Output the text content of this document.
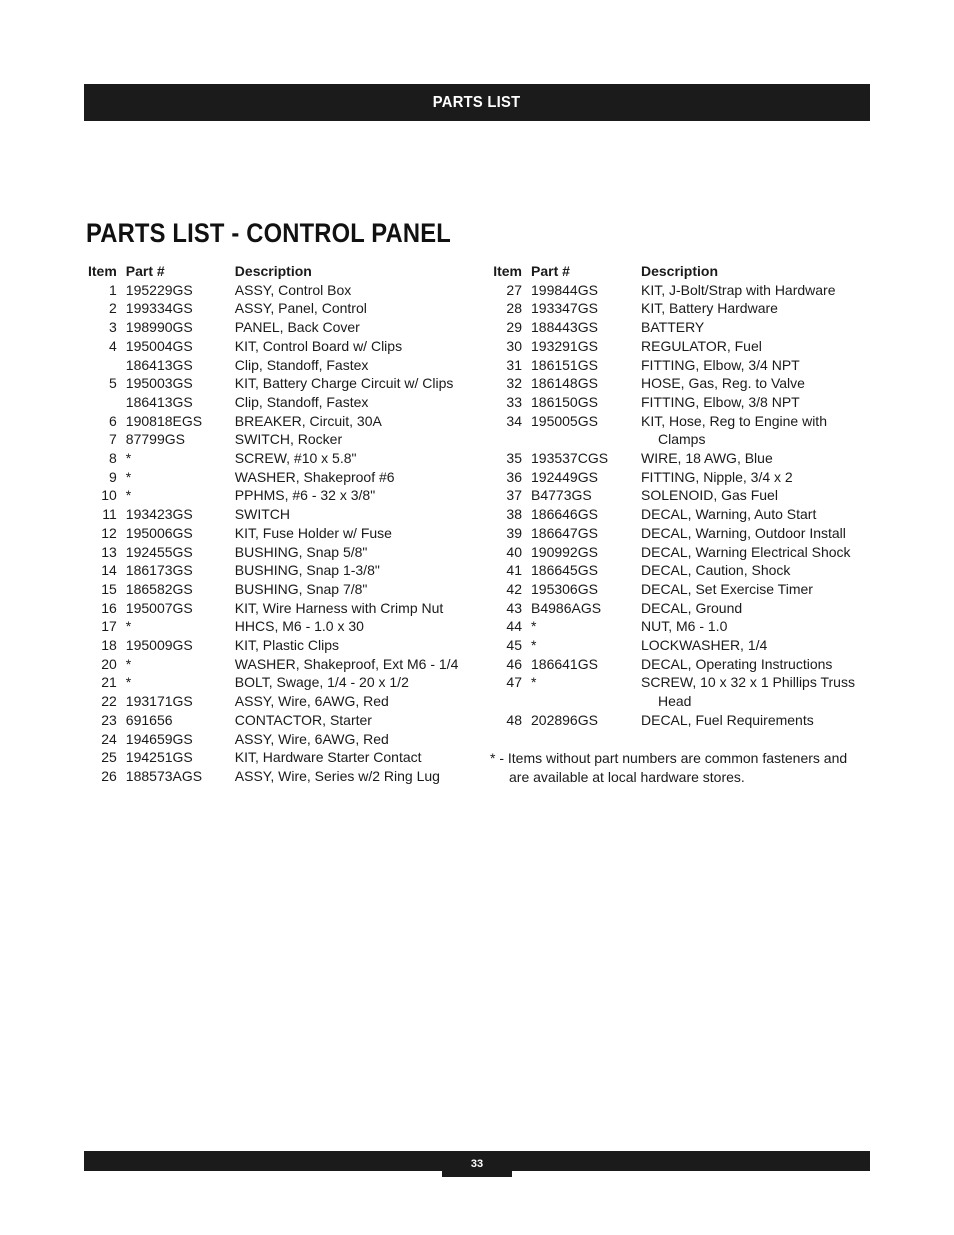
PARTS LIST
PARTS LIST - CONTROL PANEL
Item	Part #	Description
1	195229GS	ASSY, Control Box
2	199334GS	ASSY, Panel, Control
3	198990GS	PANEL, Back Cover
4	195004GS	KIT, Control Board w/ Clips
	186413GS	Clip, Standoff, Fastex
5	195003GS	KIT, Battery Charge Circuit w/ Clips
	186413GS	Clip, Standoff, Fastex
6	190818EGS	BREAKER, Circuit, 30A
7	87799GS	SWITCH, Rocker
8	*	SCREW, #10 x 5.8"
9	*	WASHER, Shakeproof #6
10	*	PPHMS, #6 - 32 x 3/8"
11	193423GS	SWITCH
12	195006GS	KIT, Fuse Holder w/ Fuse
13	192455GS	BUSHING, Snap 5/8"
14	186173GS	BUSHING, Snap 1-3/8"
15	186582GS	BUSHING, Snap 7/8"
16	195007GS	KIT, Wire Harness with Crimp Nut
17	*	HHCS, M6 - 1.0 x 30
18	195009GS	KIT, Plastic Clips
20	*	WASHER, Shakeproof, Ext M6 - 1/4
21	*	BOLT, Swage, 1/4 - 20 x 1/2
22	193171GS	ASSY, Wire, 6AWG, Red
23	691656	CONTACTOR, Starter
24	194659GS	ASSY, Wire, 6AWG, Red
25	194251GS	KIT, Hardware Starter Contact
26	188573AGS	ASSY, Wire, Series w/2 Ring Lug
Item	Part #	Description
27	199844GS	KIT, J-Bolt/Strap with Hardware
28	193347GS	KIT, Battery Hardware
29	188443GS	BATTERY
30	193291GS	REGULATOR, Fuel
31	186151GS	FITTING, Elbow, 3/4 NPT
32	186148GS	HOSE, Gas, Reg. to Valve
33	186150GS	FITTING, Elbow, 3/8 NPT
34	195005GS	KIT, Hose, Reg to Engine with
Clamps

35	193537CGS	WIRE, 18 AWG, Blue
36	192449GS	FITTING, Nipple, 3/4 x 2
37	B4773GS	SOLENOID, Gas Fuel
38	186646GS	DECAL, Warning, Auto Start
39	186647GS	DECAL, Warning, Outdoor Install
40	190992GS	DECAL, Warning Electrical Shock
41	186645GS	DECAL, Caution, Shock
42	195306GS	DECAL, Set Exercise Timer
43	B4986AGS	DECAL, Ground
44	*	NUT, M6 - 1.0
45	*	LOCKWASHER, 1/4
46	186641GS	DECAL, Operating Instructions
47	*	SCREW, 10 x 32 x 1 Phillips Truss
Head

48	202896GS	DECAL, Fuel Requirements
* - Items without part numbers are common fasteners and
are available at local hardware stores.
33
